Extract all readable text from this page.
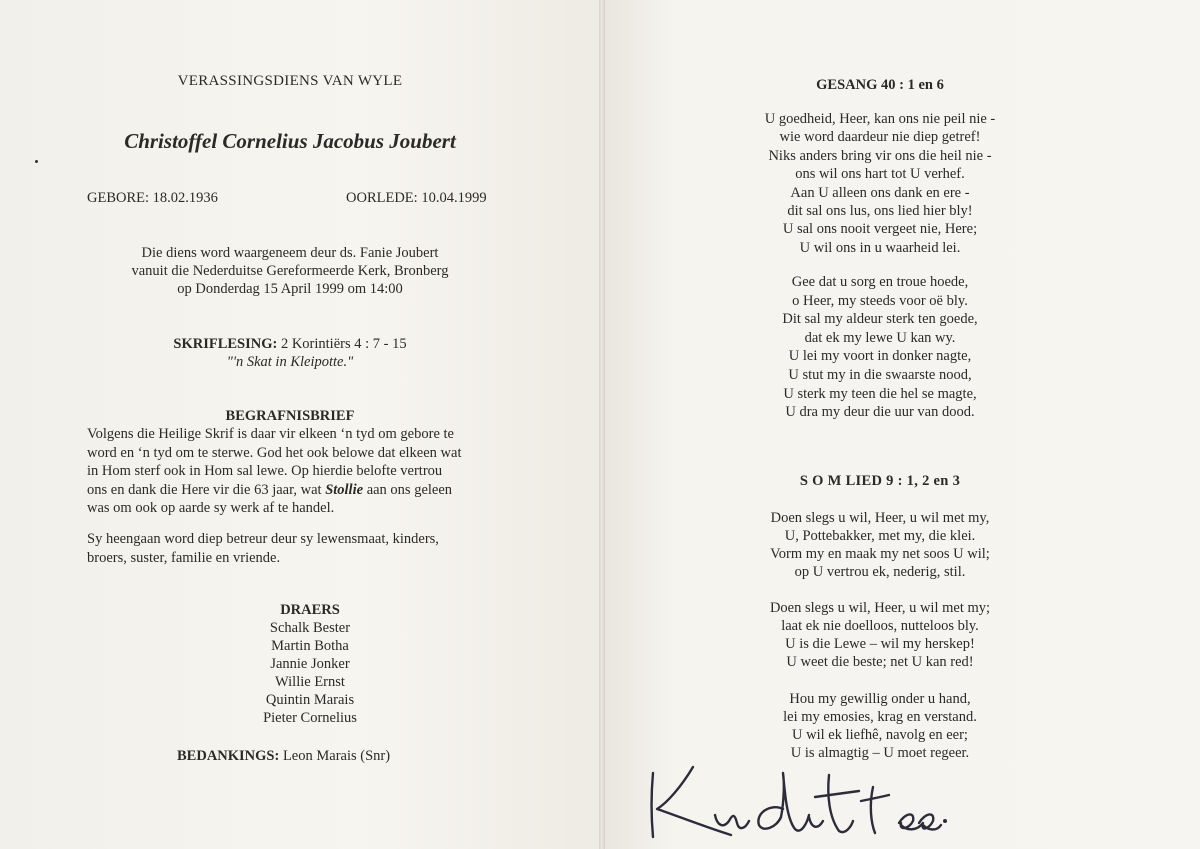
VERASSINGSDIENS VAN WYLE
Christoffel Cornelius Jacobus Joubert
GEBORE: 18.02.1936	OORLEDE: 10.04.1999
Die diens word waargeneem deur ds. Fanie Joubert
vanuit die Nederduitse Gereformeerde Kerk, Bronberg
op Donderdag 15 April 1999 om 14:00
SKRIFLESING: 2 Korintiërs 4 : 7 - 15
"'n Skat in Kleipotte."
BEGRAFNISBRIEF
Volgens die Heilige Skrif is daar vir elkeen ‘n tyd om gebore te
word en ‘n tyd om te sterwe. God het ook belowe dat elkeen wat
in Hom sterf ook in Hom sal lewe. Op hierdie belofte vertrou
ons en dank die Here vir die 63 jaar, wat Stollie aan ons geleen
was om ook op aarde sy werk af te handel.
Sy heengaan word diep betreur deur sy lewensmaat, kinders,
broers, suster, familie en vriende.
DRAERS
Schalk Bester
Martin Botha
Jannie Jonker
Willie Ernst
Quintin Marais
Pieter Cornelius
BEDANKINGS: Leon Marais (Snr)
GESANG 40 : 1 en 6
U goedheid, Heer, kan ons nie peil nie -
wie word daardeur nie diep getref!
Niks anders bring vir ons die heil nie -
ons wil ons hart tot U verhef.
Aan U alleen ons dank en ere -
dit sal ons lus, ons lied hier bly!
U sal ons nooit vergeet nie, Here;
U wil ons in u waarheid lei.
Gee dat u sorg en troue hoede,
o Heer, my steeds voor oë bly.
Dit sal my aldeur sterk ten goede,
dat ek my lewe U kan wy.
U lei my voort in donker nagte,
U stut my in die swaarste nood,
U sterk my teen die hel se magte,
U dra my deur die uur van dood.
S O M LIED 9 : 1, 2 en 3
Doen slegs u wil, Heer, u wil met my,
U, Pottebakker, met my, die klei.
Vorm my en maak my net soos U wil;
op U vertrou ek, nederig, stil.
Doen slegs u wil, Heer, u wil met my;
laat ek nie doelloos, nutteloos bly.
U is die Lewe – wil my herskep!
U weet die beste; net U kan red!
Hou my gewillig onder u hand,
lei my emosies, krag en verstand.
U wil ek liefhê, navolg en eer;
U is almagtig – U moet regeer.
